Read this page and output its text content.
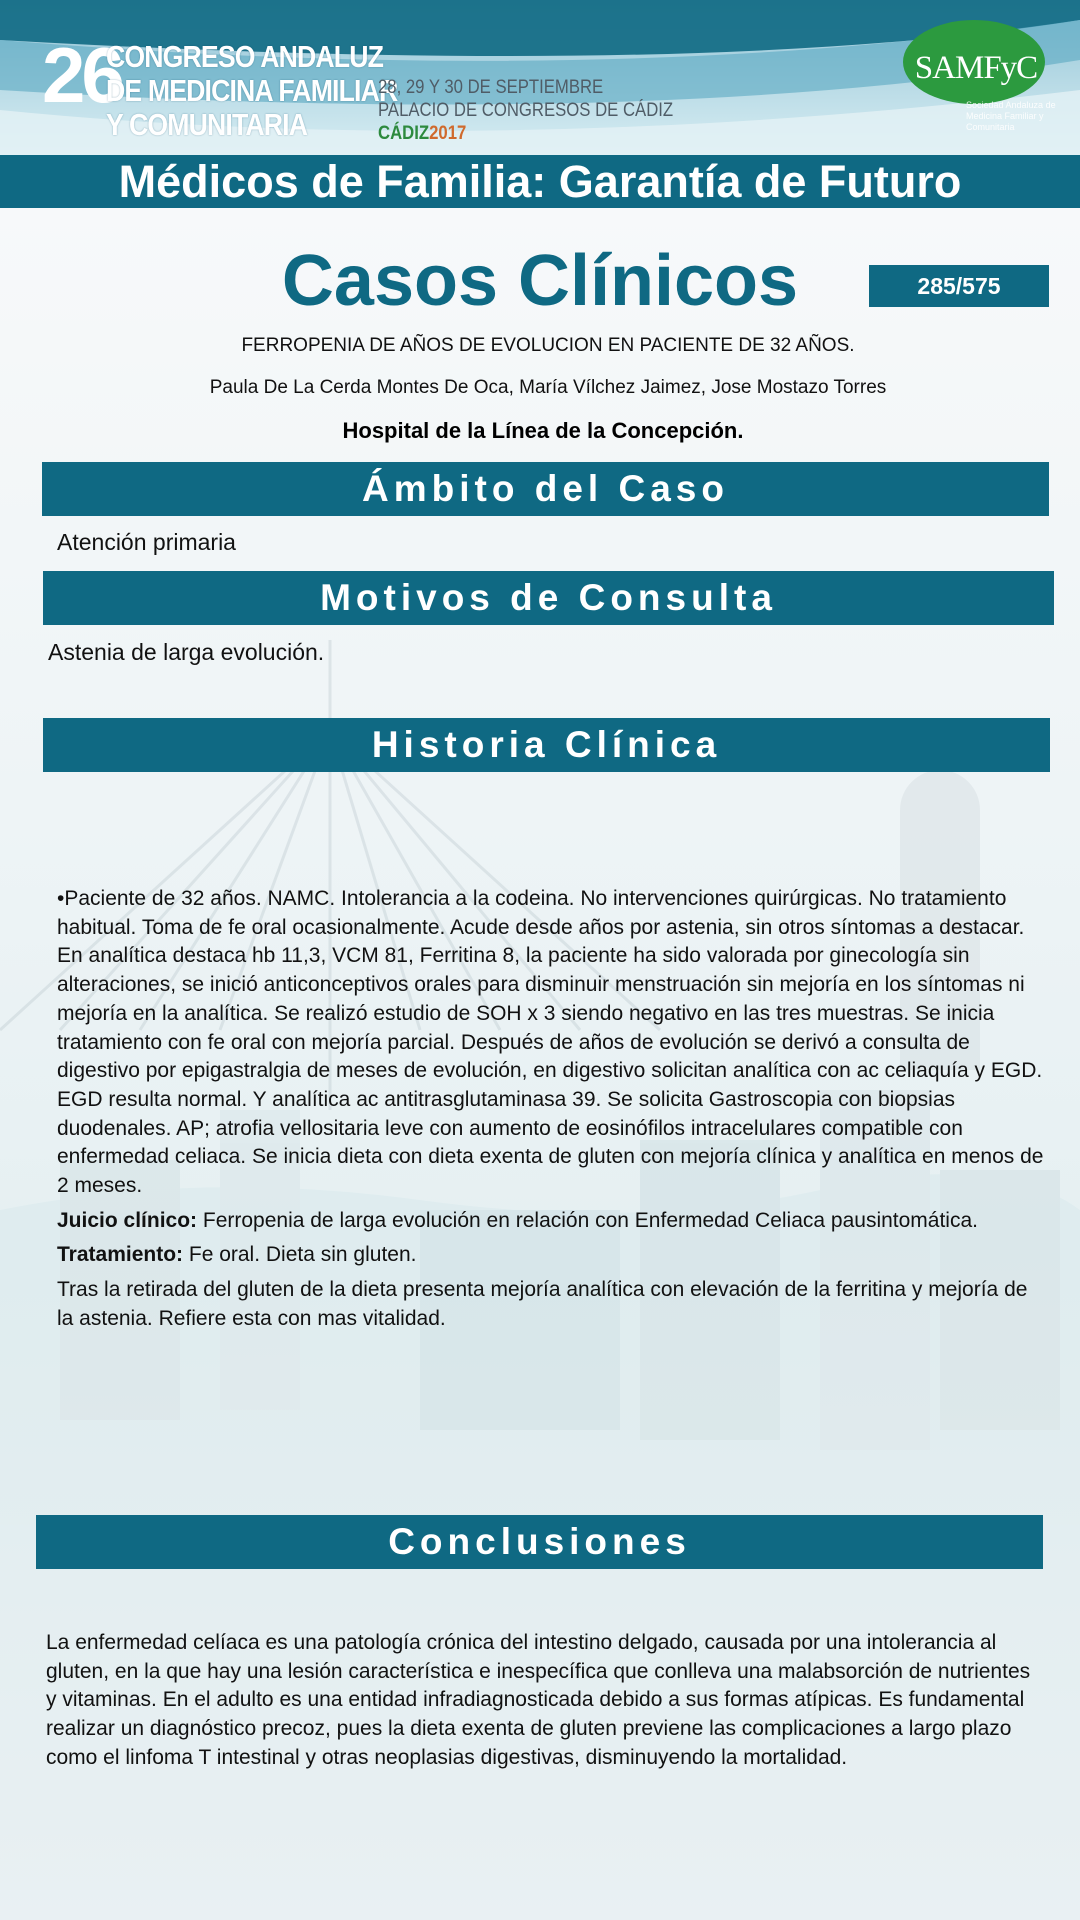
26
CONGRESO ANDALUZ
DE MEDICINA FAMILIAR
Y COMUNITARIA
28, 29 Y 30 DE SEPTIEMBRE
PALACIO DE CONGRESOS DE CÁDIZ
CÁDIZ2017
SAMFyC
Sociedad Andaluza de Medicina Familiar y Comunitaria
Médicos de Familia: Garantía de Futuro
Casos Clínicos	285/575
FERROPENIA DE AÑOS DE EVOLUCION EN PACIENTE DE 32 AÑOS.
Paula De La Cerda Montes De Oca, María Vílchez Jaimez, Jose Mostazo Torres
Hospital de la Línea de la Concepción.
Ámbito del Caso
Atención primaria
Motivos de Consulta
Astenia de larga evolución.
Historia Clínica

•Paciente de 32 años. NAMC. Intolerancia a la codeina. No intervenciones quirúrgicas. No tratamiento habitual. Toma de fe oral ocasionalmente. Acude desde años por astenia, sin otros síntomas a destacar. En analítica destaca hb 11,3, VCM 81, Ferritina 8, la paciente ha sido valorada por ginecología sin alteraciones, se inició anticonceptivos orales para disminuir menstruación sin mejoría en los síntomas ni mejoría en la analítica. Se realizó estudio de SOH x 3 siendo negativo en las tres muestras. Se inicia tratamiento con fe oral con mejoría parcial. Después de años de evolución se derivó a consulta de digestivo por epigastralgia de meses de evolución, en digestivo solicitan analítica con ac celiaquía y EGD. EGD resulta normal. Y analítica ac antitrasglutaminasa 39. Se solicita Gastroscopia con biopsias duodenales. AP; atrofia vellositaria leve con aumento de eosinófilos intracelulares compatible con enfermedad celiaca. Se inicia dieta con dieta exenta de gluten con mejoría clínica y analítica en menos de 2 meses.

Juicio clínico: Ferropenia de larga evolución en relación con Enfermedad Celiaca pausintomática.

Tratamiento: Fe oral. Dieta sin gluten.

Tras la retirada del gluten de la dieta presenta mejoría analítica con elevación de la ferritina y mejoría de la astenia. Refiere esta con mas vitalidad.

Conclusiones
La enfermedad celíaca es una patología crónica del intestino delgado, causada por una intolerancia al gluten, en la que hay una lesión característica e inespecífica que conlleva una malabsorción de nutrientes y vitaminas. En el adulto es una entidad infradiagnosticada debido a sus formas atípicas. Es fundamental realizar un diagnóstico precoz, pues la dieta exenta de gluten previene las complicaciones a largo plazo como el linfoma T intestinal y otras neoplasias digestivas, disminuyendo la mortalidad.
